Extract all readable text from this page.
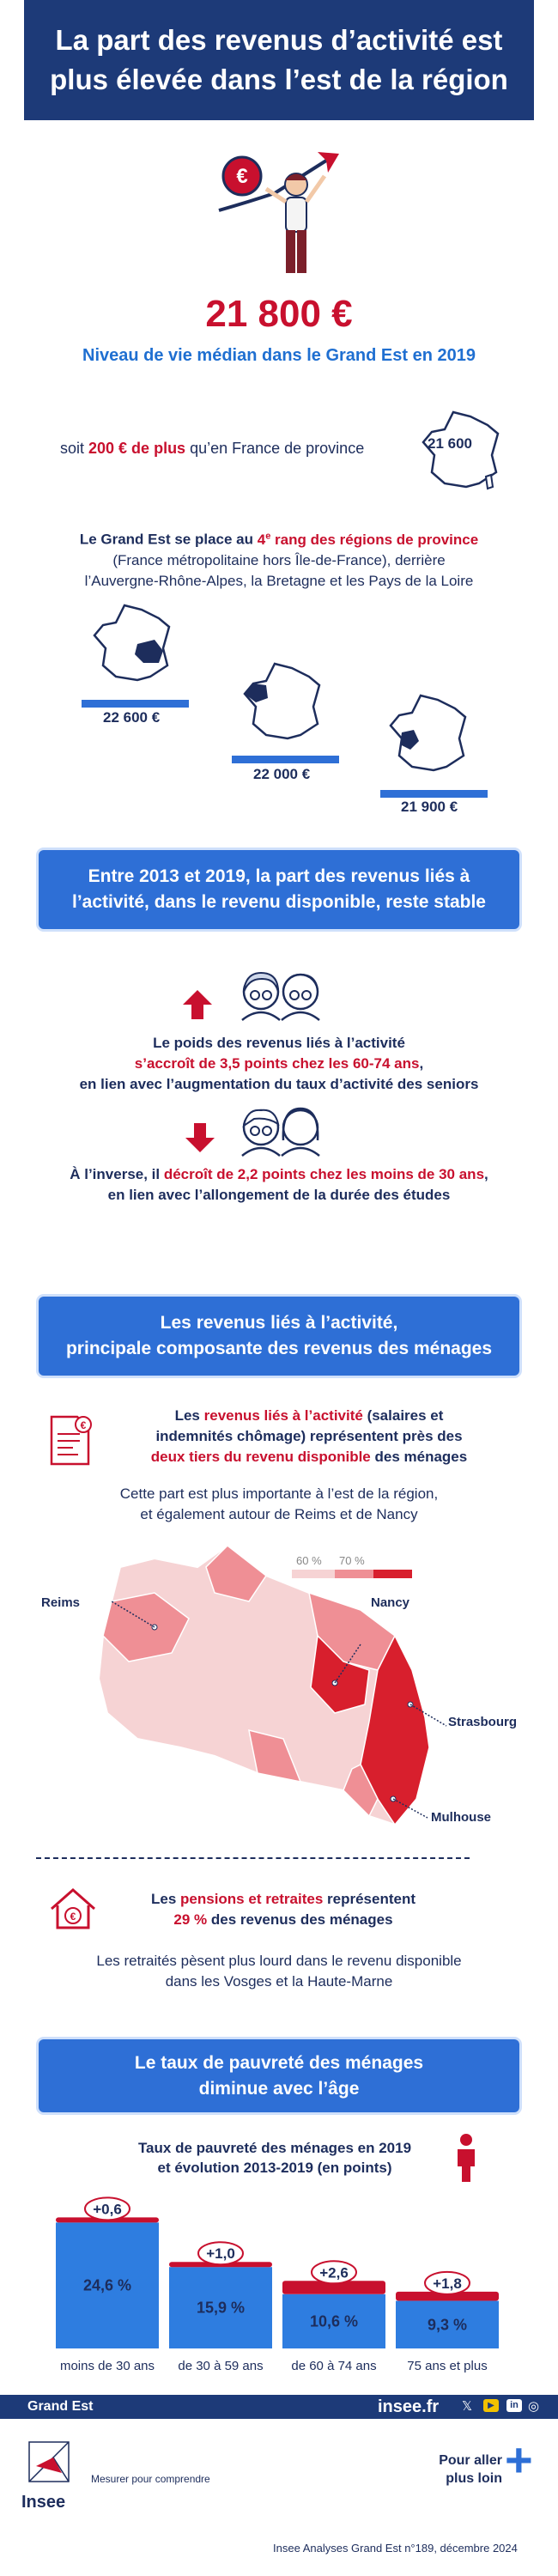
La part des revenus d’activité est
plus élevée dans l’est de la région
€
21 800 €
Niveau de vie médian dans le Grand Est en 2019
soit 200 € de plus qu’en France de province	21 600
Le Grand Est se place au 4e rang des régions de province
(France métropolitaine hors Île-de-France), derrière
l’Auvergne-Rhône-Alpes, la Bretagne et les Pays de la Loire
22 600 €
22 000 €
21 900 €
Entre 2013 et 2019, la part des revenus liés à
l’activité, dans le revenu disponible, reste stable
Le poids des revenus liés à l’activité
s’accroît de 3,5 points chez les 60-74 ans,
en lien avec l’augmentation du taux d’activité des seniors
À l’inverse, il décroît de 2,2 points chez les moins de 30 ans,
en lien avec l’allongement de la durée des études
Les revenus liés à l’activité,
principale composante des revenus des ménages
€
Les revenus liés à l’activité (salaires et
indemnités chômage) représentent près des
deux tiers du revenu disponible des ménages
Cette part est plus importante à l’est de la région,
et également autour de Reims et de Nancy
60 % 70 %
Reims	Nancy
Strasbourg
Mulhouse
€
Les pensions et retraites représentent
29 % des revenus des ménages
Les retraités pèsent plus lourd dans le revenu disponible
dans les Vosges et la Haute-Marne
Le taux de pauvreté des ménages
diminue avec l’âge
Taux de pauvreté des ménages en 2019
et évolution 2013-2019 (en points)
+0,6
24,6 %
moins de 30 ans
+1,0
15,9 %
de 30 à 59 ans
+2,6
10,6 %
de 60 à 74 ans
+1,8
9,3 %
75 ans et plus
Grand Est	insee.fr 𝕏	▶	in ◎
Insee
Mesurer pour comprendre
Pour aller
plus loin +
Insee Analyses Grand Est n°189, décembre 2024
